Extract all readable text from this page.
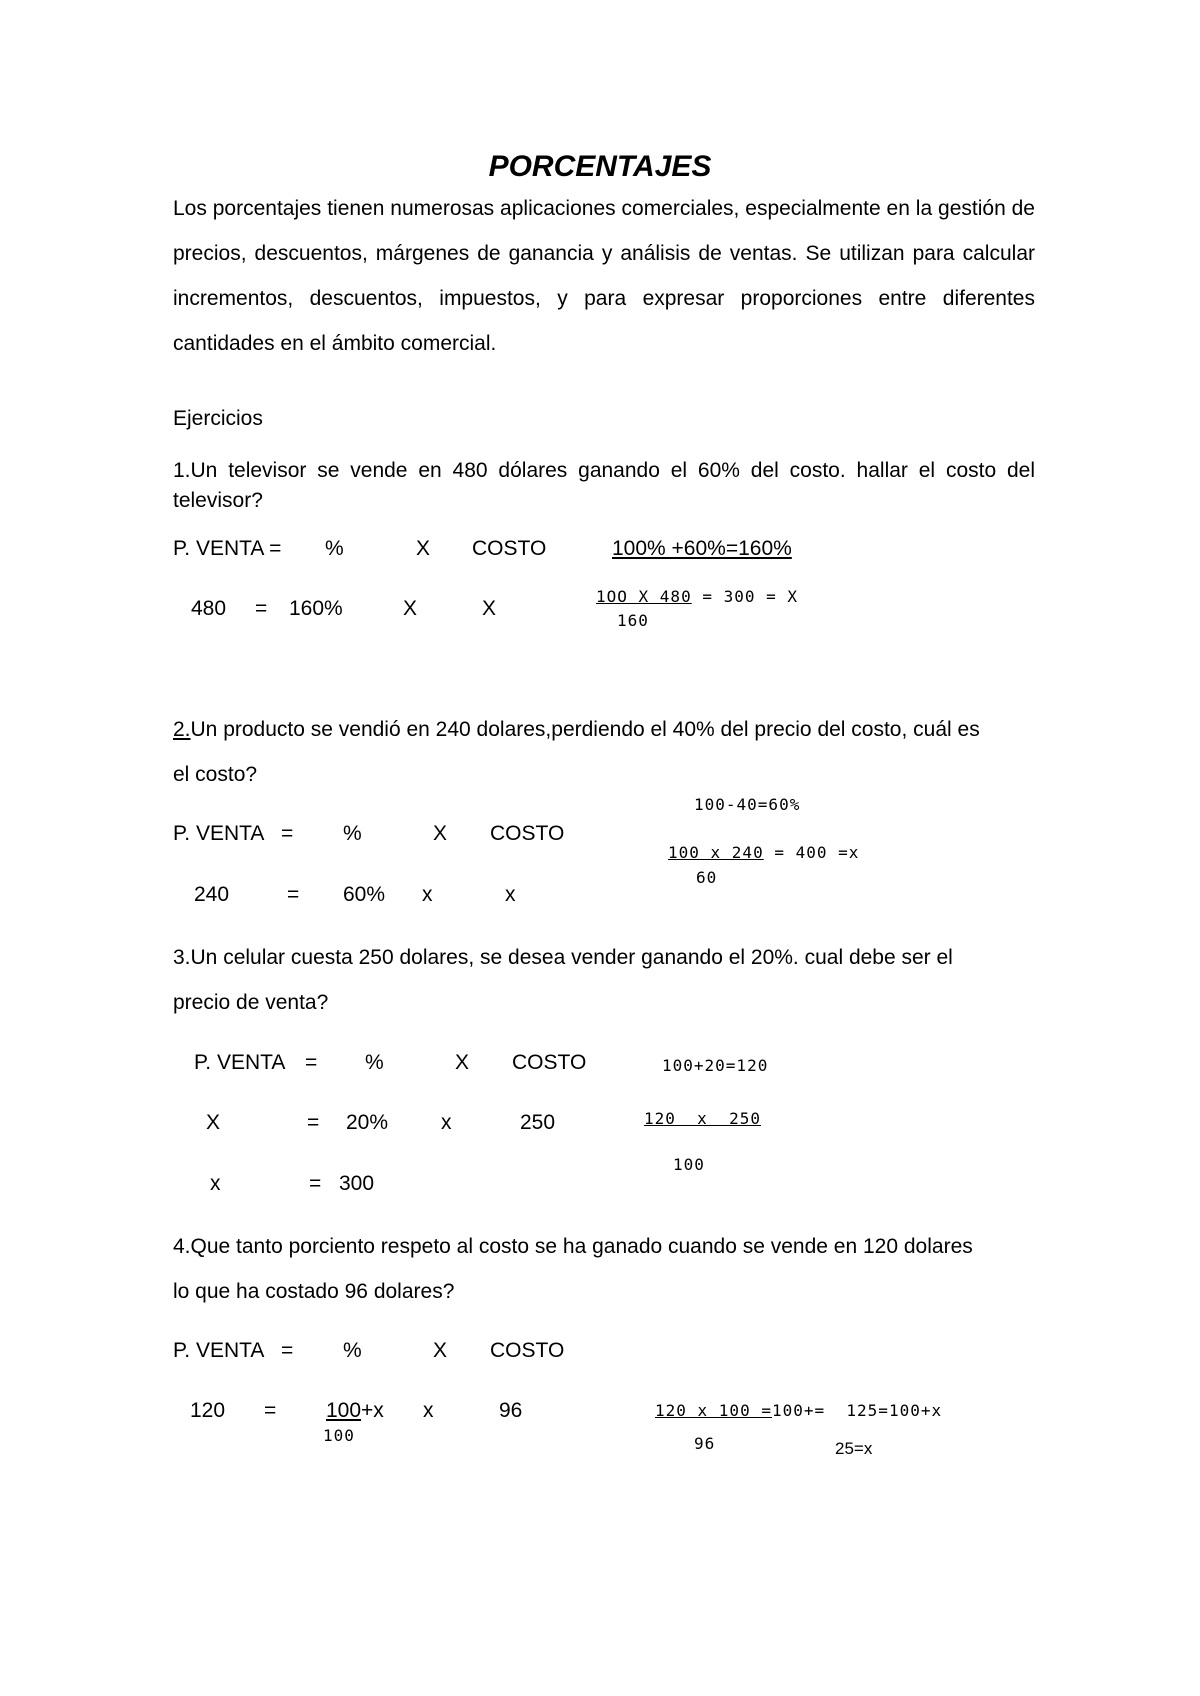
PORCENTAJES
Los porcentajes tienen numerosas aplicaciones comerciales, especialmente en la gestión de precios, descuentos, márgenes de ganancia y análisis de ventas. Se utilizan para calcular incrementos, descuentos, impuestos, y para expresar proporciones entre diferentes cantidades en el ámbito comercial.
Ejercicios
1.Un televisor se vende en 480 dólares ganando el 60% del costo. hallar el costo del televisor?
P. VENTA = %	X COSTO	100% +60%=160%
480 = 160%	X	X
1OO X 480 = 300 = X
160
2.Un producto se vendió en 240 dolares,perdiendo el 40% del precio del costo, cuál es
el costo?
100-40=60%
P. VENTA = %	X COSTO
100 x 240 = 400 =x
60
240	= 60% x	x
3.Un celular cuesta 250 dolares, se desea vender ganando el 20%. cual debe ser el
precio de venta?
P. VENTA = %	X COSTO	100+20=120
X	= 20%	x	250	120  x  250
x	= 300
100
4.Que tanto porciento respeto al costo se ha ganado cuando se vende en 120 dolares
lo que ha costado 96 dolares?
P. VENTA = %	X COSTO
120 = 100+x x	96
100
120 x 100 =100+= 125=100+x
96	25=x
